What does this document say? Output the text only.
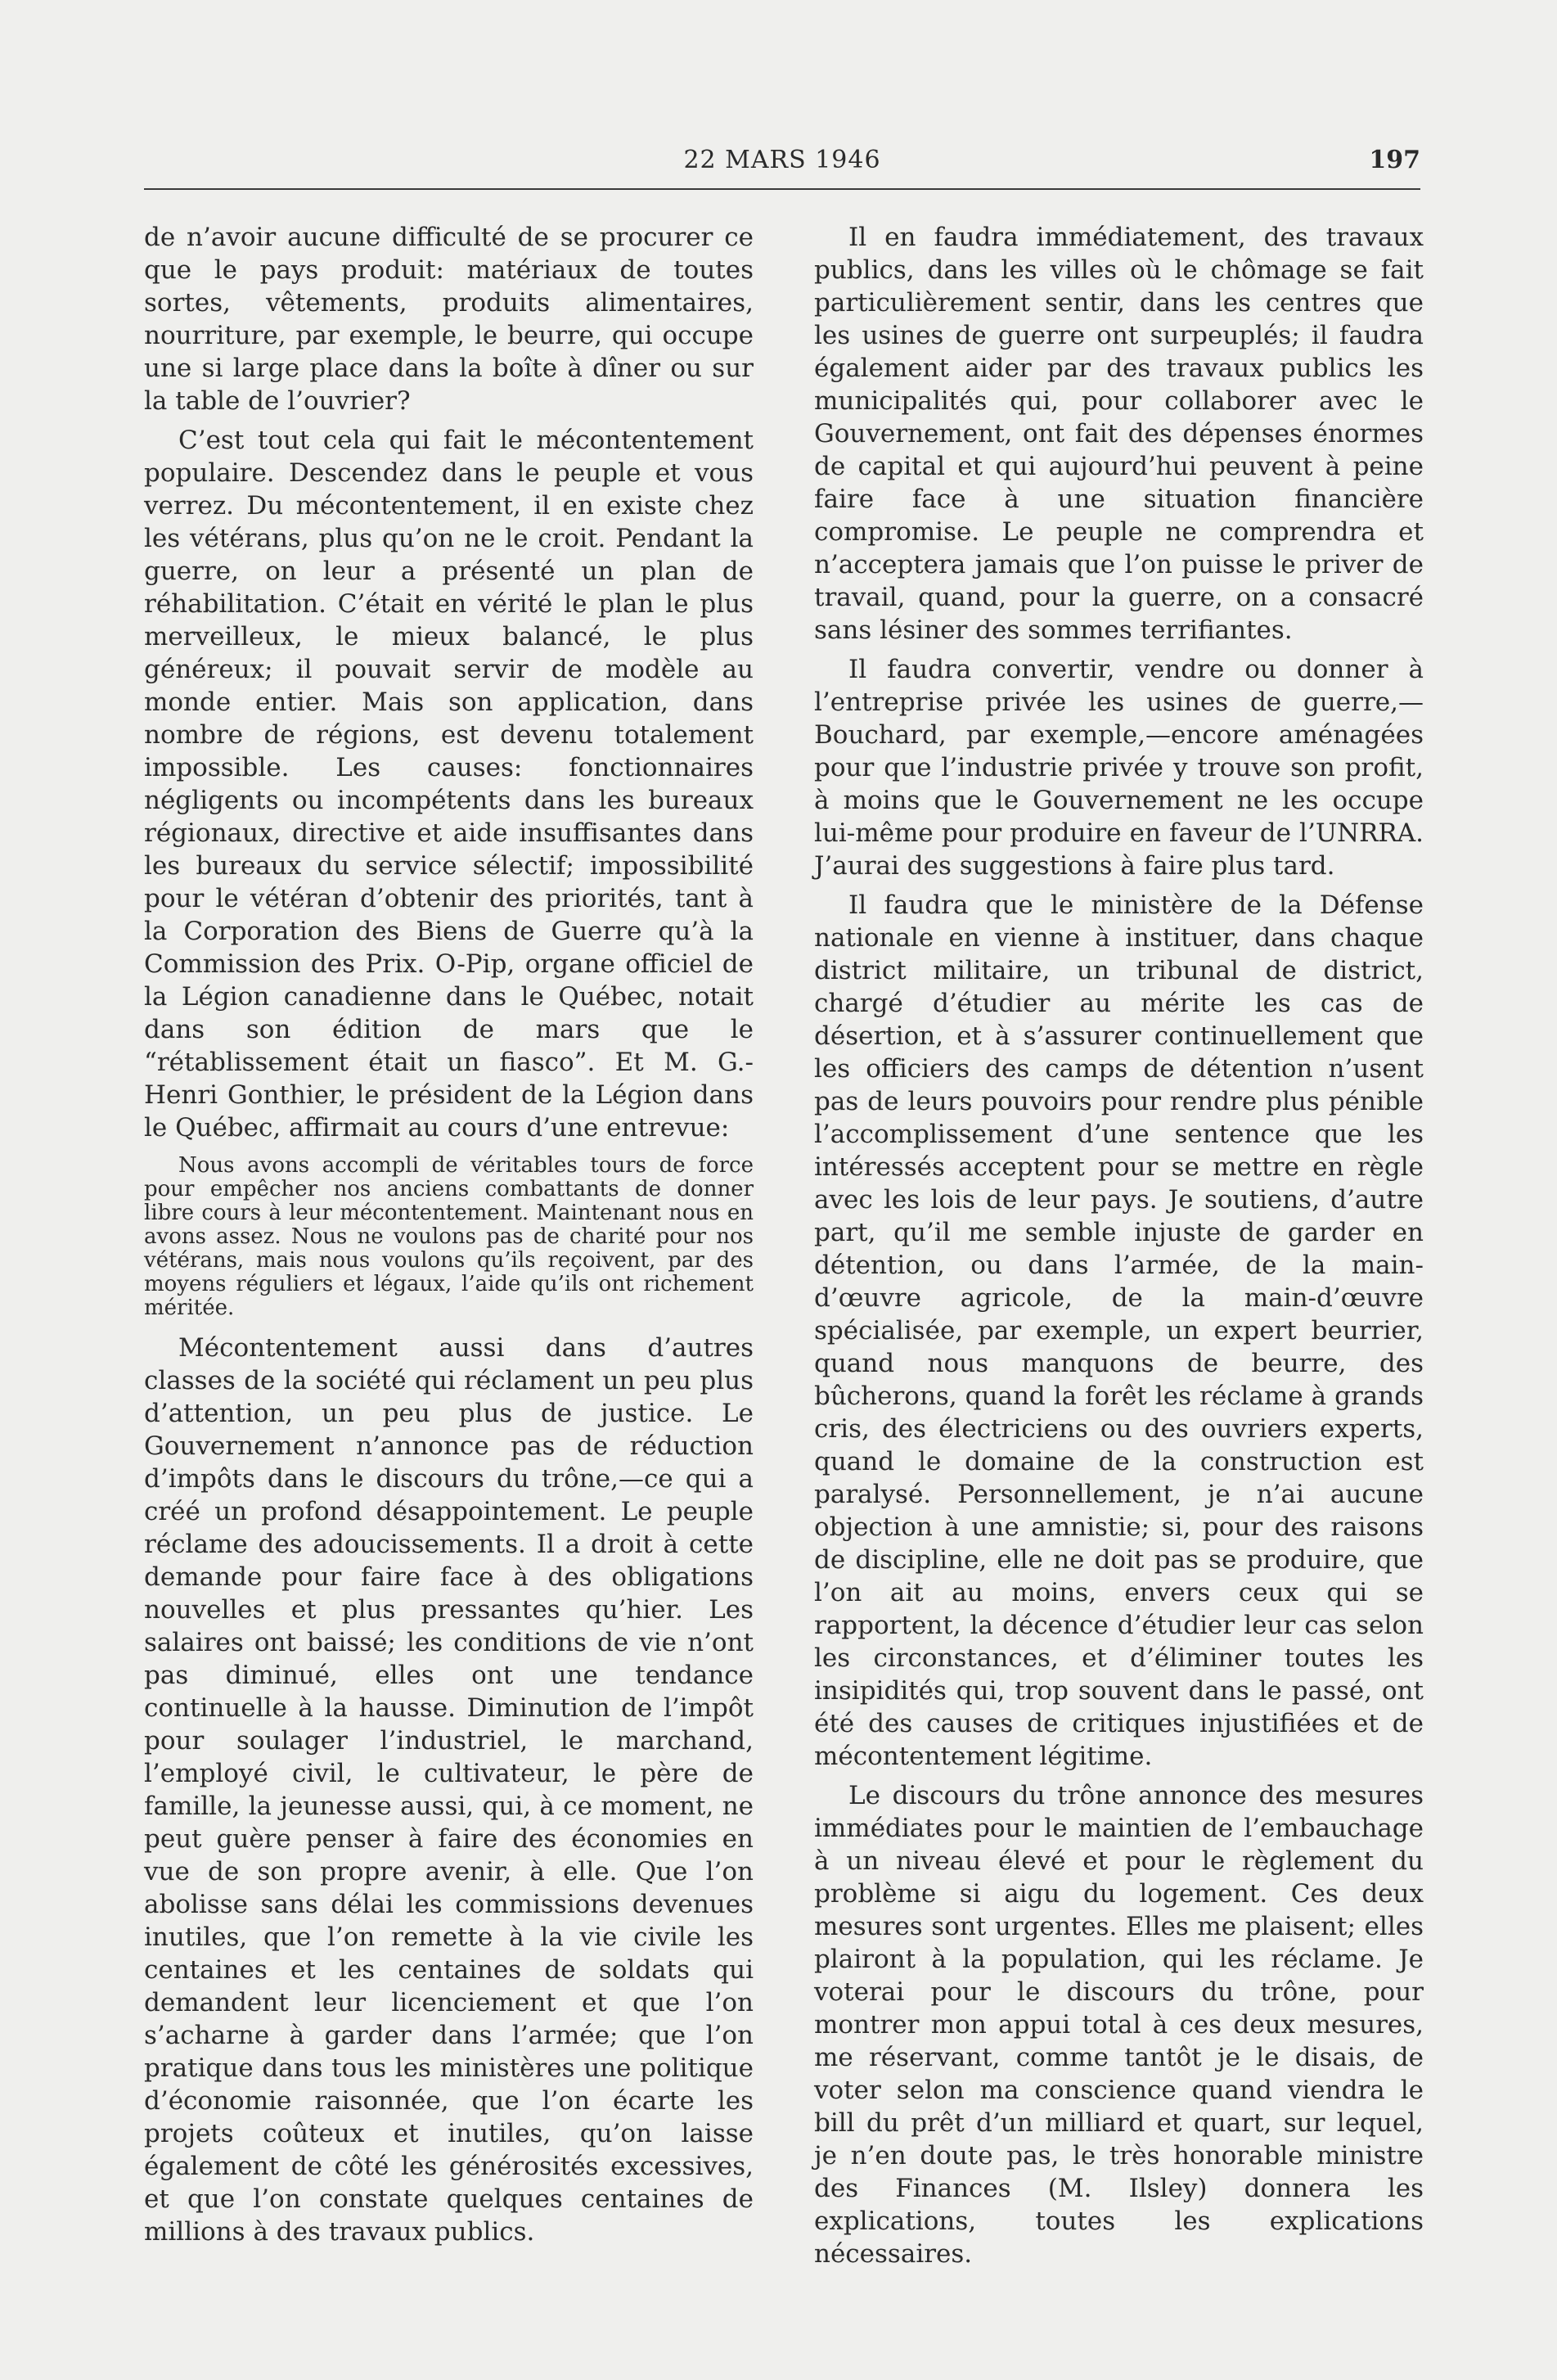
22 MARS 1946	197

de n’avoir aucune difficulté de se procurer ce que le pays produit: matériaux de toutes sortes, vêtements, produits alimentaires, nourriture, par exemple, le beurre, qui occupe une si large place dans la boîte à dîner ou sur la table de l’ouvrier?

C’est tout cela qui fait le mécontentement populaire. Descendez dans le peuple et vous verrez. Du mécontentement, il en existe chez les vétérans, plus qu’on ne le croit. Pendant la guerre, on leur a présenté un plan de réhabilitation. C’était en vérité le plan le plus merveilleux, le mieux balancé, le plus généreux; il pouvait servir de modèle au monde entier. Mais son application, dans nombre de régions, est devenu totalement impossible. Les causes: fonctionnaires négligents ou incompétents dans les bureaux régionaux, directive et aide insuffisantes dans les bureaux du service sélectif; impossibilité pour le vétéran d’obtenir des priorités, tant à la Corporation des Biens de Guerre qu’à la Commission des Prix. O-Pip, organe officiel de la Légion canadienne dans le Québec, notait dans son édition de mars que le “rétablissement était un fiasco”. Et M. G.-Henri Gonthier, le président de la Légion dans le Québec, affirmait au cours d’une entrevue:

Nous avons accompli de véritables tours de force pour empêcher nos anciens combattants de donner libre cours à leur mécontentement. Maintenant nous en avons assez. Nous ne voulons pas de charité pour nos vétérans, mais nous voulons qu’ils reçoivent, par des moyens réguliers et légaux, l’aide qu’ils ont richement méritée.

Mécontentement aussi dans d’autres classes de la société qui réclament un peu plus d’attention, un peu plus de justice. Le Gouvernement n’annonce pas de réduction d’impôts dans le discours du trône,—ce qui a créé un profond désappointement. Le peuple réclame des adoucissements. Il a droit à cette demande pour faire face à des obligations nouvelles et plus pressantes qu’hier. Les salaires ont baissé; les conditions de vie n’ont pas diminué, elles ont une tendance continuelle à la hausse. Diminution de l’impôt pour soulager l’industriel, le marchand, l’employé civil, le cultivateur, le père de famille, la jeunesse aussi, qui, à ce moment, ne peut guère penser à faire des économies en vue de son propre avenir, à elle. Que l’on abolisse sans délai les commissions devenues inutiles, que l’on remette à la vie civile les centaines et les centaines de soldats qui demandent leur licenciement et que l’on s’acharne à garder dans l’armée; que l’on pratique dans tous les ministères une politique d’économie raisonnée, que l’on écarte les projets coûteux et inutiles, qu’on laisse également de côté les générosités excessives, et que l’on constate quelques centaines de millions à des travaux publics.

Il en faudra immédiatement, des travaux publics, dans les villes où le chômage se fait particulièrement sentir, dans les centres que les usines de guerre ont surpeuplés; il faudra également aider par des travaux publics les municipalités qui, pour collaborer avec le Gouvernement, ont fait des dépenses énormes de capital et qui aujourd’hui peuvent à peine faire face à une situation financière compromise. Le peuple ne comprendra et n’acceptera jamais que l’on puisse le priver de travail, quand, pour la guerre, on a consacré sans lésiner des sommes terrifiantes.

Il faudra convertir, vendre ou donner à l’entreprise privée les usines de guerre,—Bouchard, par exemple,—encore aménagées pour que l’industrie privée y trouve son profit, à moins que le Gouvernement ne les occupe lui-même pour produire en faveur de l’UNRRA. J’aurai des suggestions à faire plus tard.

Il faudra que le ministère de la Défense nationale en vienne à instituer, dans chaque district militaire, un tribunal de district, chargé d’étudier au mérite les cas de désertion, et à s’assurer continuellement que les officiers des camps de détention n’usent pas de leurs pouvoirs pour rendre plus pénible l’accomplissement d’une sentence que les intéressés acceptent pour se mettre en règle avec les lois de leur pays. Je soutiens, d’autre part, qu’il me semble injuste de garder en détention, ou dans l’armée, de la main-d’œuvre agricole, de la main-d’œuvre spécialisée, par exemple, un expert beurrier, quand nous manquons de beurre, des bûcherons, quand la forêt les réclame à grands cris, des électriciens ou des ouvriers experts, quand le domaine de la construction est paralysé. Personnellement, je n’ai aucune objection à une amnistie; si, pour des raisons de discipline, elle ne doit pas se produire, que l’on ait au moins, envers ceux qui se rapportent, la décence d’étudier leur cas selon les circonstances, et d’éliminer toutes les insipidités qui, trop souvent dans le passé, ont été des causes de critiques injustifiées et de mécontentement légitime.

Le discours du trône annonce des mesures immédiates pour le maintien de l’embauchage à un niveau élevé et pour le règlement du problème si aigu du logement. Ces deux mesures sont urgentes. Elles me plaisent; elles plairont à la population, qui les réclame. Je voterai pour le discours du trône, pour montrer mon appui total à ces deux mesures, me réservant, comme tantôt je le disais, de voter selon ma conscience quand viendra le bill du prêt d’un milliard et quart, sur lequel, je n’en doute pas, le très honorable ministre des Finances (M. Ilsley) donnera les explications, toutes les explications nécessaires.
